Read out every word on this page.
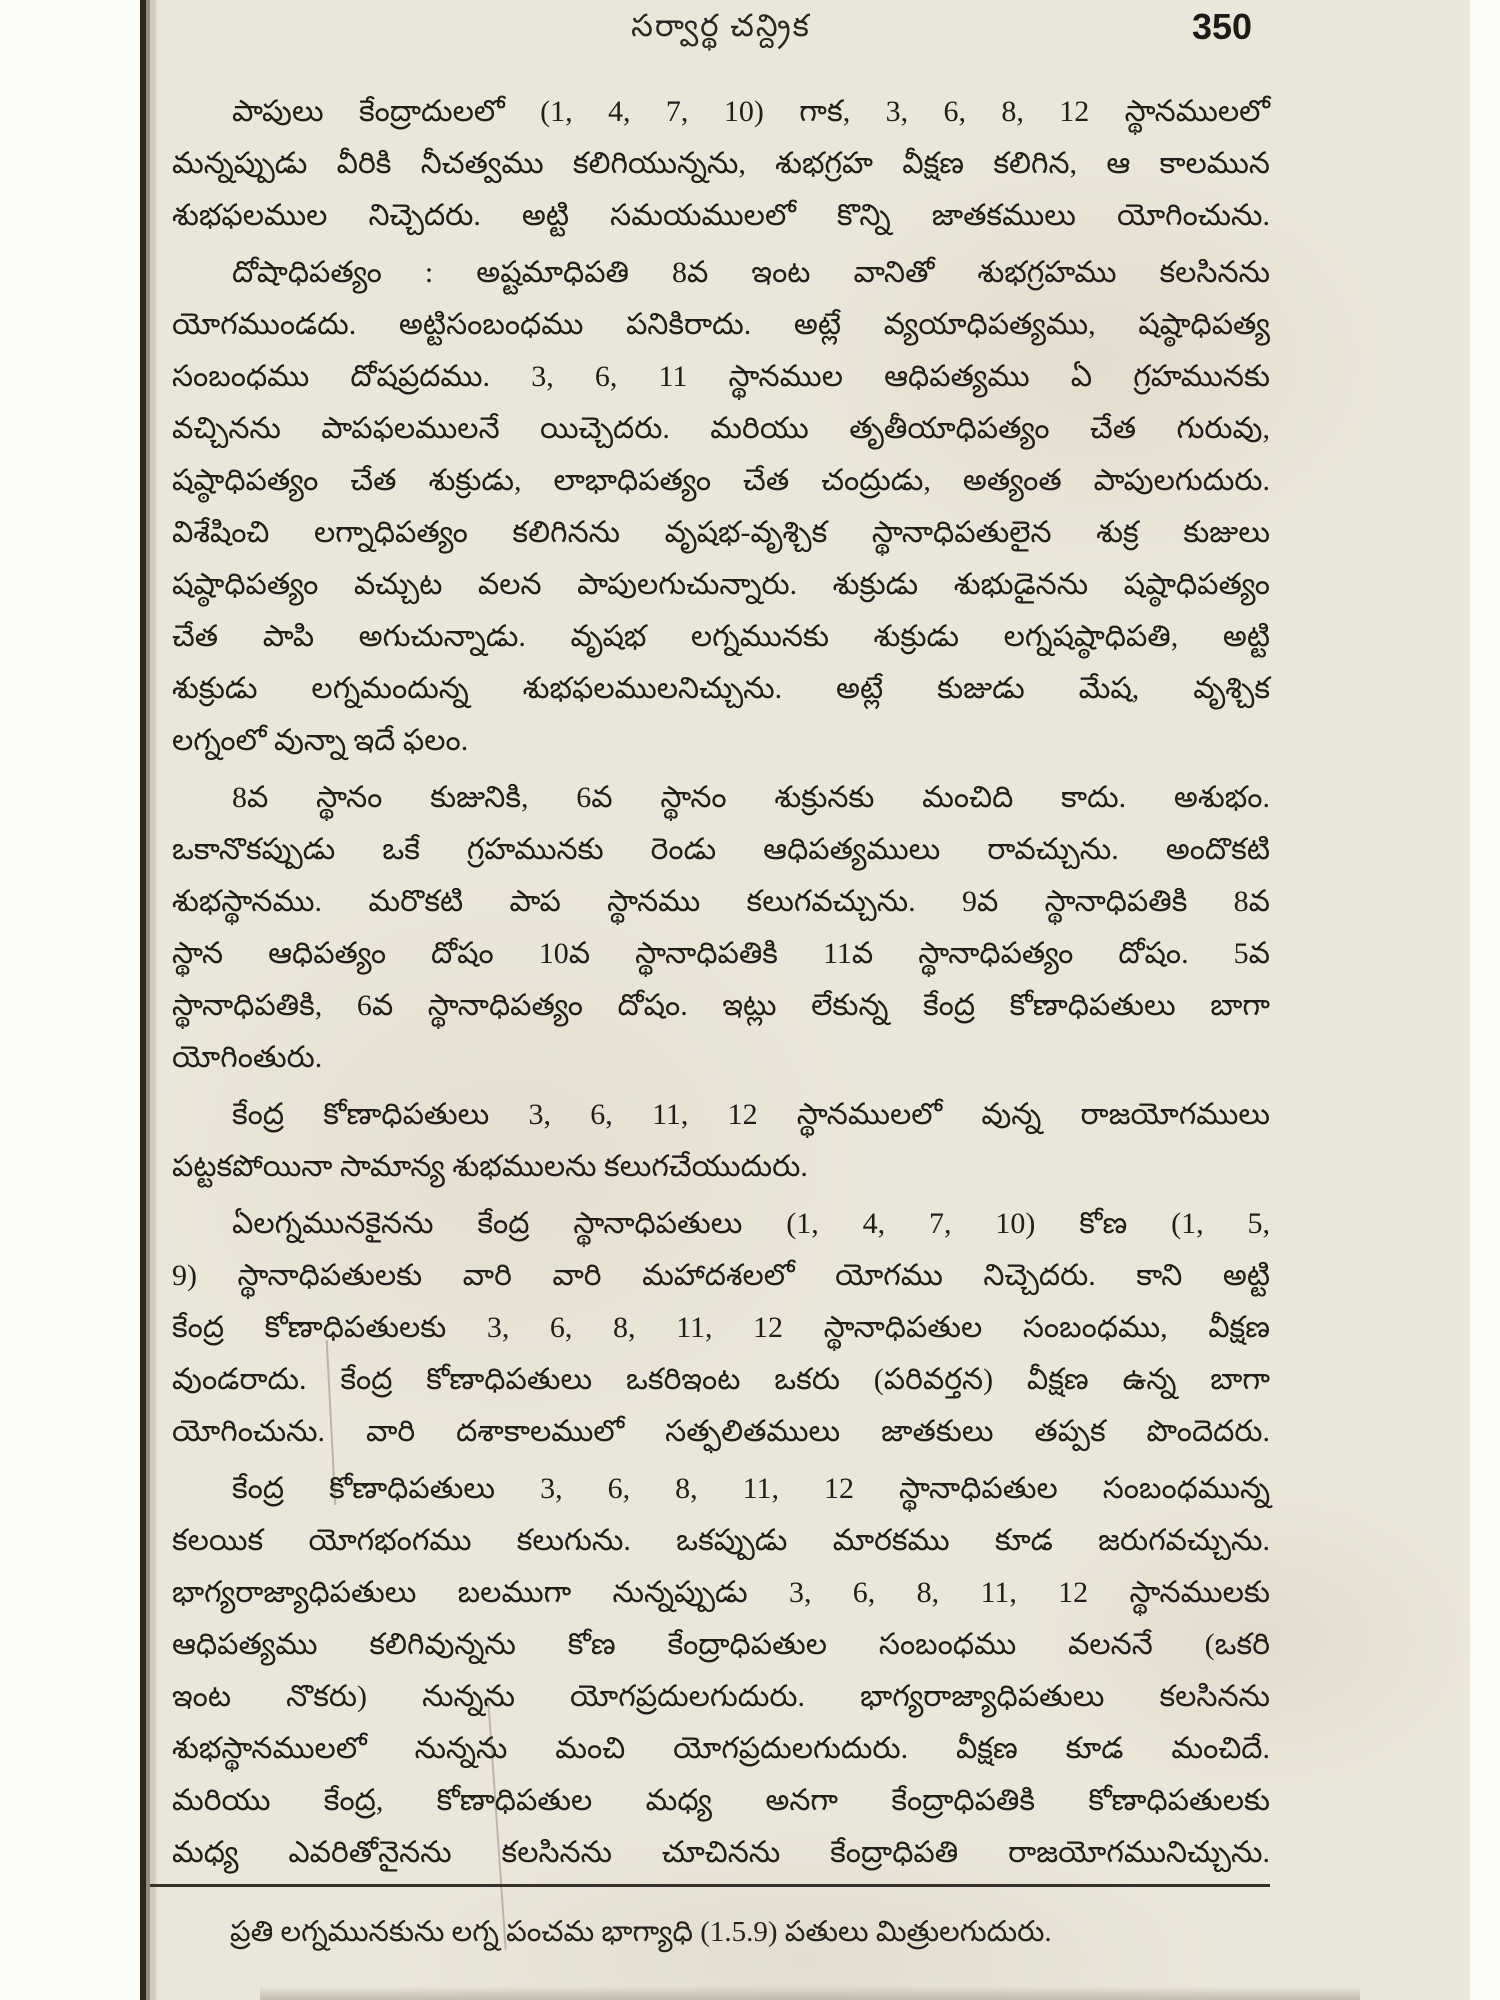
సర్వార్థ చన్ద్రిక	350

పాపులు కేంద్రాదులలో (1, 4, 7, 10) గాక, 3, 6, 8, 12 స్థానములలో

మన్నప్పుడు వీరికి నీచత్వము కలిగియున్నను, శుభగ్రహ వీక్షణ కలిగిన, ఆ కాలమున

శుభఫలముల నిచ్చెదరు. అట్టి సమయములలో కొన్ని జాతకములు యోగించును.

దోషాధిపత్యం : అష్టమాధిపతి 8వ ఇంట వానితో శుభగ్రహము కలసినను

యోగముండదు. అట్టిసంబంధము పనికిరాదు. అట్లే వ్యయాధిపత్యము, షష్ఠాధిపత్య

సంబంధము దోషప్రదము. 3, 6, 11 స్థానముల ఆధిపత్యము ఏ గ్రహమునకు

వచ్చినను పాపఫలములనే యిచ్చెదరు. మరియు తృతీయాధిపత్యం చేత గురువు,

షష్ఠాధిపత్యం చేత శుక్రుడు, లాభాధిపత్యం చేత చంద్రుడు, అత్యంత పాపులగుదురు.

విశేషించి లగ్నాధిపత్యం కలిగినను వృషభ-వృశ్చిక స్థానాధిపతులైన శుక్ర కుజులు

షష్ఠాధిపత్యం వచ్చుట వలన పాపులగుచున్నారు. శుక్రుడు శుభుడైనను షష్ఠాధిపత్యం

చేత పాపి అగుచున్నాడు. వృషభ లగ్నమునకు శుక్రుడు లగ్నషష్ఠాధిపతి, అట్టి

శుక్రుడు లగ్నమందున్న శుభఫలములనిచ్చును. అట్లే కుజుడు మేష, వృశ్చిక

లగ్నంలో వున్నా ఇదే ఫలం.

8వ స్థానం కుజునికి, 6వ స్థానం శుక్రునకు మంచిది కాదు. అశుభం.

ఒకానొకప్పుడు ఒకే గ్రహమునకు రెండు ఆధిపత్యములు రావచ్చును. అందొకటి

శుభస్థానము. మరొకటి పాప స్థానము కలుగవచ్చును. 9వ స్థానాధిపతికి 8వ

స్థాన ఆధిపత్యం దోషం 10వ స్థానాధిపతికి 11వ స్థానాధిపత్యం దోషం. 5వ

స్థానాధిపతికి, 6వ స్థానాధిపత్యం దోషం. ఇట్లు లేకున్న కేంద్ర కోణాధిపతులు బాగా

యోగింతురు.

కేంద్ర కోణాధిపతులు 3, 6, 11, 12 స్థానములలో వున్న రాజయోగములు

పట్టకపోయినా సామాన్య శుభములను కలుగచేయుదురు.

ఏలగ్నమునకైనను కేంద్ర స్థానాధిపతులు (1, 4, 7, 10) కోణ (1, 5,

9) స్థానాధిపతులకు వారి వారి మహాదశలలో యోగము నిచ్చెదరు. కాని అట్టి

కేంద్ర కోణాధిపతులకు 3, 6, 8, 11, 12 స్థానాధిపతుల సంబంధము, వీక్షణ

వుండరాదు. కేంద్ర కోణాధిపతులు ఒకరిఇంట ఒకరు (పరివర్తన) వీక్షణ ఉన్న బాగా

యోగించును. వారి దశాకాలములో సత్ఫలితములు జాతకులు తప్పక పొందెదరు.

కేంద్ర కోణాధిపతులు 3, 6, 8, 11, 12 స్థానాధిపతుల సంబంధమున్న

కలయిక యోగభంగము కలుగును. ఒకప్పుడు మారకము కూడ జరుగవచ్చును.

భాగ్యరాజ్యాధిపతులు బలముగా నున్నప్పుడు 3, 6, 8, 11, 12 స్థానములకు

ఆధిపత్యము కలిగివున్నను కోణ కేంద్రాధిపతుల సంబంధము వలననే (ఒకరి

ఇంట నొకరు) నున్నను యోగప్రదులగుదురు. భాగ్యరాజ్యాధిపతులు కలసినను

శుభస్థానములలో నున్నను మంచి యోగప్రదులగుదురు. వీక్షణ కూడ మంచిదే.

మరియు కేంద్ర, కోణాధిపతుల మధ్య అనగా కేంద్రాధిపతికి కోణాధిపతులకు

మధ్య ఎవరితోనైనను కలసినను చూచినను కేంద్రాధిపతి రాజయోగమునిచ్చును.

ప్రతి లగ్నమునకును లగ్న పంచమ భాగ్యాధి (1.5.9) పతులు మిత్రులగుదురు.
